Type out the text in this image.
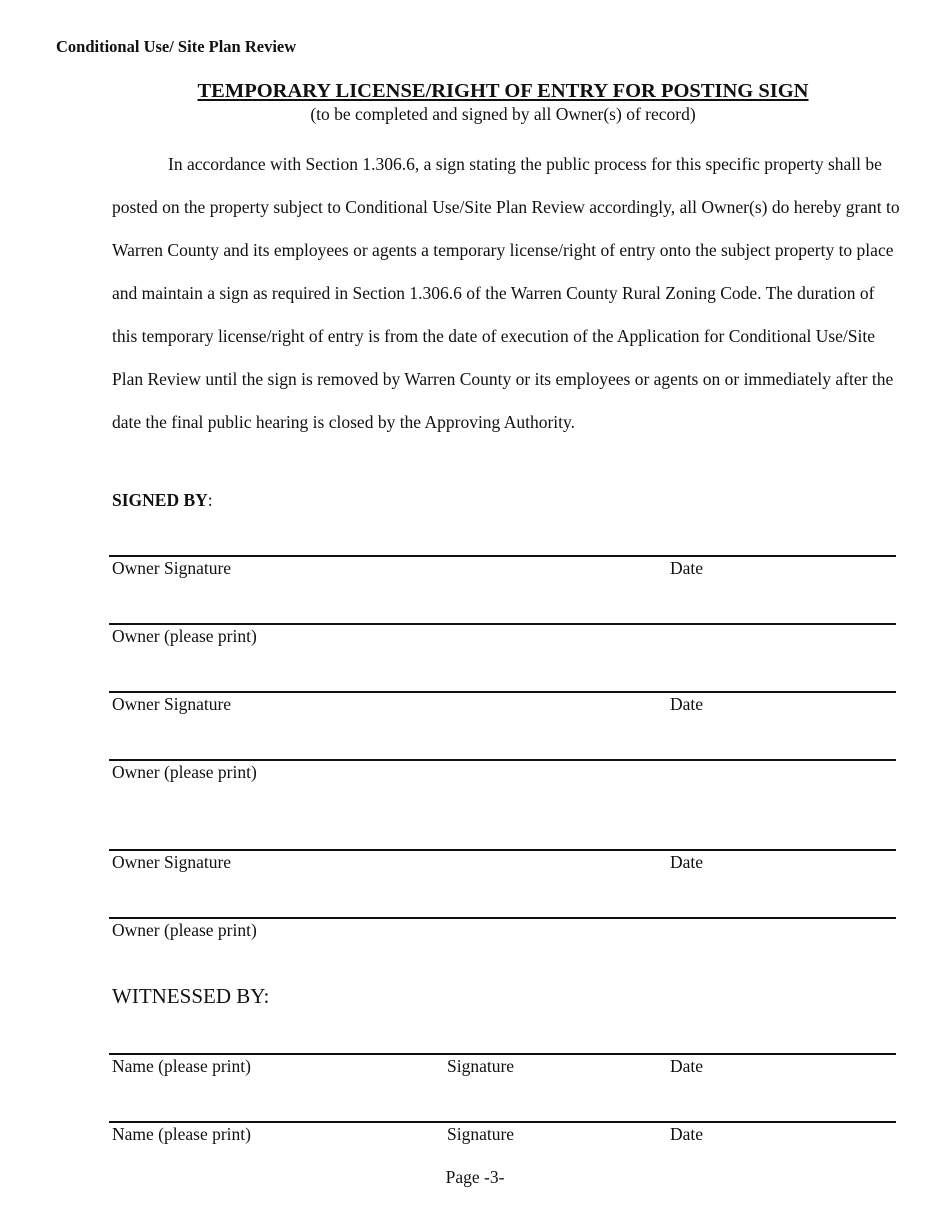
Conditional Use/ Site Plan Review
TEMPORARY LICENSE/RIGHT OF ENTRY FOR POSTING SIGN
(to be completed and signed by all Owner(s) of record)

In accordance with Section 1.306.6, a sign stating the public process for this specific property shall be posted on the property subject to Conditional Use/Site Plan Review accordingly, all Owner(s) do hereby grant to Warren County and its employees or agents a temporary license/right of entry onto the subject property to place and maintain a sign as required in Section 1.306.6 of the Warren County Rural Zoning Code. The duration of this temporary license/right of entry is from the date of execution of the Application for Conditional Use/Site Plan Review until the sign is removed by Warren County or its employees or agents on or immediately after the date the final public hearing is closed by the Approving Authority.

SIGNED BY:
Owner Signature	Date
Owner (please print)
Owner Signature	Date
Owner (please print)
Owner Signature	Date
Owner (please print)
WITNESSED BY:
Name (please print)	Signature	Date
Name (please print)	Signature	Date
Page -3-
